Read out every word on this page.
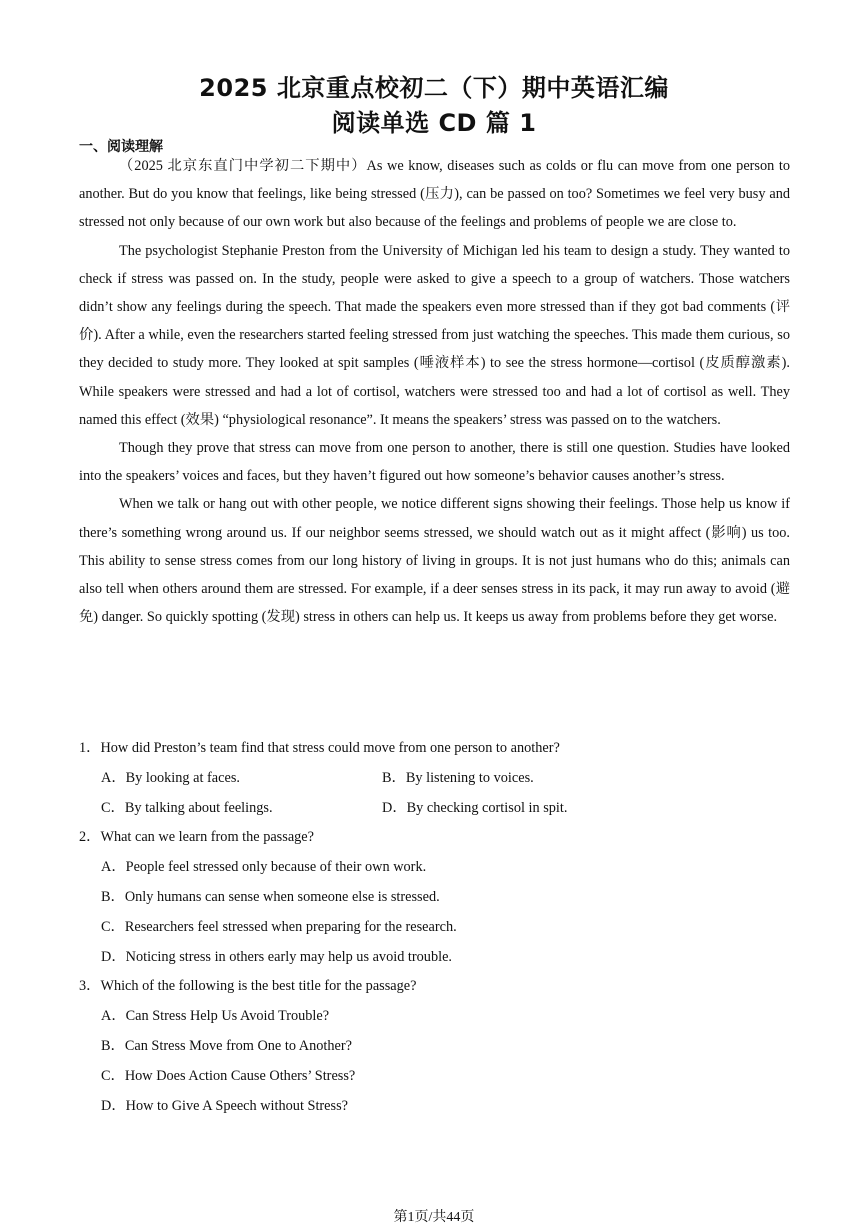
2025 北京重点校初二（下）期中英语汇编
阅读单选 CD 篇 1
一、阅读理解

（2025 北京东直门中学初二下期中）As we know, diseases such as colds or flu can move from one person to another. But do you know that feelings, like being stressed (压力), can be passed on too? Sometimes we feel very busy and stressed not only because of our own work but also because of the feelings and problems of people we are close to.

The psychologist Stephanie Preston from the University of Michigan led his team to design a study. They wanted to check if stress was passed on. In the study, people were asked to give a speech to a group of watchers. Those watchers didn’t show any feelings during the speech. That made the speakers even more stressed than if they got bad comments (评价). After a while, even the researchers started feeling stressed from just watching the speeches. This made them curious, so they decided to study more. They looked at spit samples (唾液样本) to see the stress hormone—cortisol (皮质醇激素). While speakers were stressed and had a lot of cortisol, watchers were stressed too and had a lot of cortisol as well. They named this effect (效果) “physiological resonance”. It means the speakers’ stress was passed on to the watchers.

Though they prove that stress can move from one person to another, there is still one question. Studies have looked into the speakers’ voices and faces, but they haven’t figured out how someone’s behavior causes another’s stress.

When we talk or hang out with other people, we notice different signs showing their feelings. Those help us know if there’s something wrong around us. If our neighbor seems stressed, we should watch out as it might affect (影响) us too. This ability to sense stress comes from our long history of living in groups. It is not just humans who do this; animals can also tell when others around them are stressed. For example, if a deer senses stress in its pack, it may run away to avoid (避免) danger. So quickly spotting (发现) stress in others can help us. It keeps us away from problems before they get worse.

1．How did Preston’s team find that stress could move from one person to another?
A．By looking at faces.	B．By listening to voices.
C．By talking about feelings.	D．By checking cortisol in spit.
2．What can we learn from the passage?
A．People feel stressed only because of their own work.
B．Only humans can sense when someone else is stressed.
C．Researchers feel stressed when preparing for the research.
D．Noticing stress in others early may help us avoid trouble.
3．Which of the following is the best title for the passage?
A．Can Stress Help Us Avoid Trouble?
B．Can Stress Move from One to Another?
C．How Does Action Cause Others’ Stress?
D．How to Give A Speech without Stress?
第1页/共44页
